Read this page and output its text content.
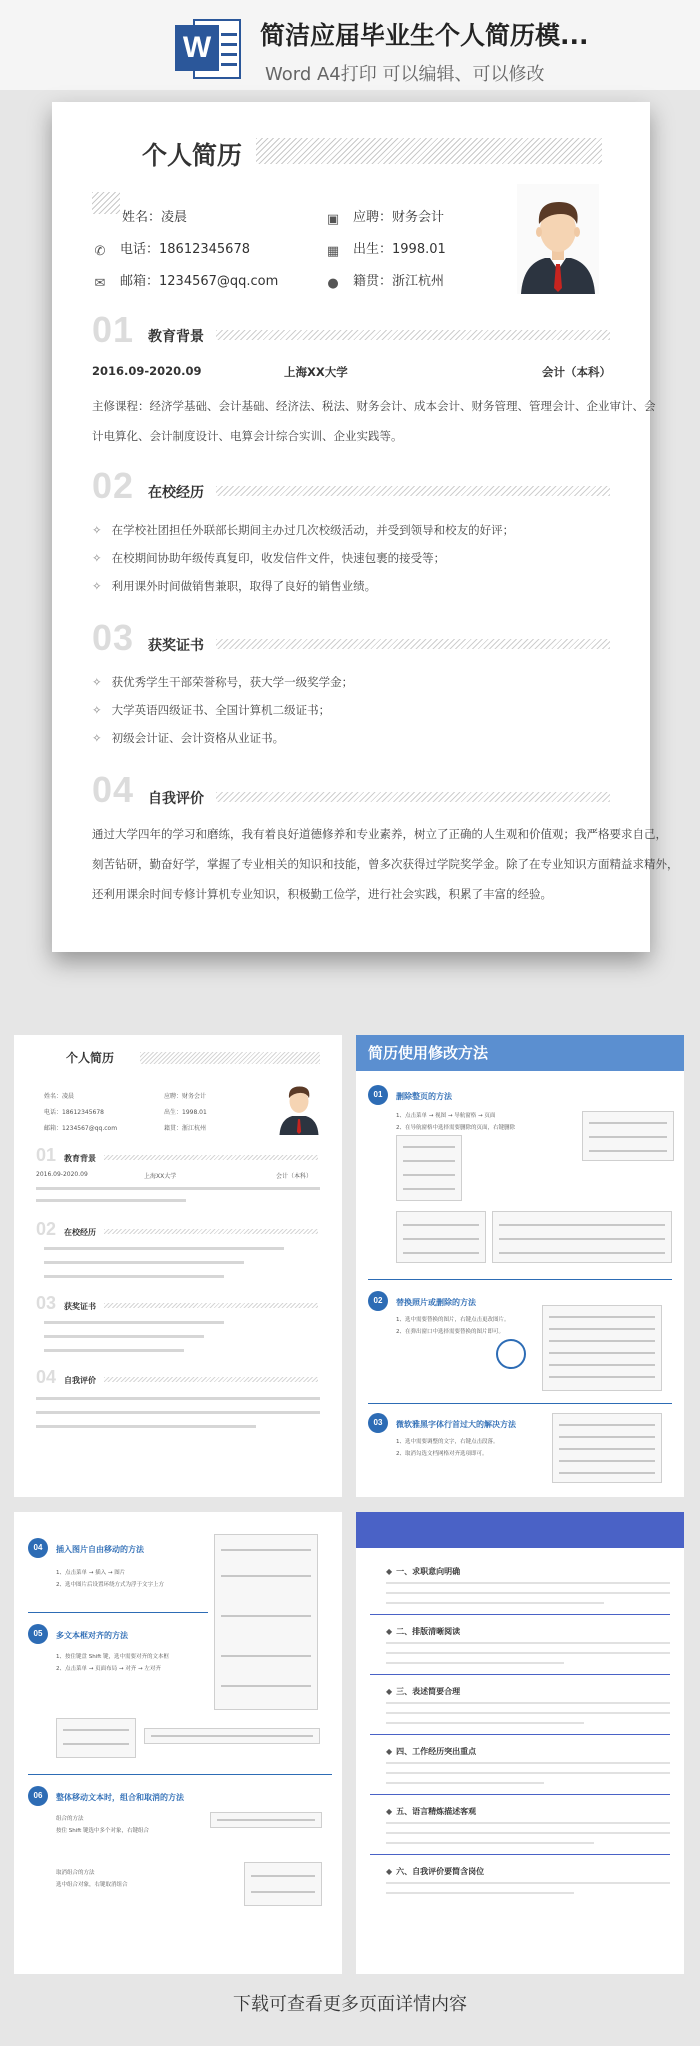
W	简洁应届毕业生个人简历模...
Word A4打印 可以编辑、可以修改
个人简历
姓名：凌晨	▣ 应聘：财务会计
✆ 电话：18612345678	▦ 出生：1998.01
✉ 邮箱：1234567@qq.com	● 籍贯：浙江杭州
01 教育背景
2016.09-2020.09	上海XX大学	会计（本科）
主修课程：经济学基础、会计基础、经济法、税法、财务会计、成本会计、财务管理、管理会计、企业审计、会
计电算化、会计制度设计、电算会计综合实训、企业实践等。
02 在校经历
✧ 在学校社团担任外联部长期间主办过几次校级活动，并受到领导和校友的好评；
✧ 在校期间协助年级传真复印，收发信件文件，快速包裹的接受等；
✧ 利用课外时间做销售兼职，取得了良好的销售业绩。
03 获奖证书
✧ 获优秀学生干部荣誉称号，获大学一级奖学金；
✧ 大学英语四级证书、全国计算机二级证书；
✧ 初级会计证、会计资格从业证书。
04 自我评价
通过大学四年的学习和磨练，我有着良好道德修养和专业素养，树立了正确的人生观和价值观；我严格要求自己，
刻苦钻研，勤奋好学，掌握了专业相关的知识和技能，曾多次获得过学院奖学金。除了在专业知识方面精益求精外，
还利用课余时间专修计算机专业知识，积极勤工俭学，进行社会实践，积累了丰富的经验。
个人简历
姓名：凌晨	应聘：财务会计
电话：18612345678	出生：1998.01
邮箱：1234567@qq.com	籍贯：浙江杭州
01 教育背景
2016.09-2020.09	上海XX大学	会计（本科）
02 在校经历
03 获奖证书
04 自我评价
简历使用修改方法
01	删除整页的方法
1、点击菜单 → 视图 → 导航窗格 → 页面
2、在导航窗格中选择需要删除的页面，右键删除
02	替换照片或删除的方法
1、选中需要替换的图片，右键点击更改图片。
2、在弹出窗口中选择需要替换的图片即可。
03	微软雅黑字体行首过大的解决方法
1、选中需要调整的文字，右键点击段落。
2、取消勾选文档网格对齐选项即可。
04	插入图片自由移动的方法
1、点击菜单 → 插入 → 图片
2、选中图片后设置环绕方式为浮于文字上方
05	多文本框对齐的方法
1、按住键盘 Shift 键，选中需要对齐的文本框
2、点击菜单 → 页面布局 → 对齐 → 左对齐
06	整体移动文本时，组合和取消的方法
组合的方法
按住 Shift 键选中多个对象，右键组合
取消组合的方法
选中组合对象，右键取消组合
◆ 一、求职意向明确
◆ 二、排版清晰阅读
◆ 三、表述简要合理
◆ 四、工作经历突出重点
◆ 五、语言精炼描述客观
◆ 六、自我评价要简含岗位
下载可查看更多页面详情内容
